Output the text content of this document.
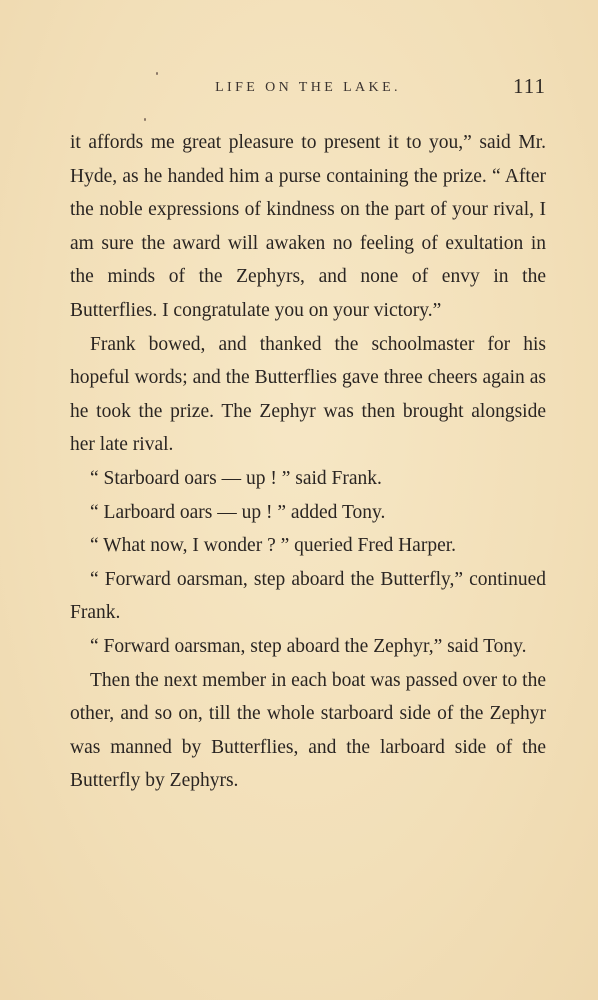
LIFE ON THE LAKE.	111

it affords me great pleasure to present it to you,” said Mr. Hyde, as he handed him a purse containing the prize. “ After the noble expressions of kindness on the part of your rival, I am sure the award will awaken no feeling of exultation in the minds of the Zephyrs, and none of envy in the Butterflies. I congratulate you on your victory.”

Frank bowed, and thanked the schoolmaster for his hopeful words; and the Butterflies gave three cheers again as he took the prize. The Zephyr was then brought alongside her late rival.

“ Starboard oars — up ! ” said Frank.

“ Larboard oars — up ! ” added Tony.

“ What now, I wonder ? ” queried Fred Harper.

“ Forward oarsman, step aboard the Butterfly,” continued Frank.

“ Forward oarsman, step aboard the Zephyr,” said Tony.

Then the next member in each boat was passed over to the other, and so on, till the whole starboard side of the Zephyr was manned by Butterflies, and the larboard side of the Butterfly by Zephyrs.
